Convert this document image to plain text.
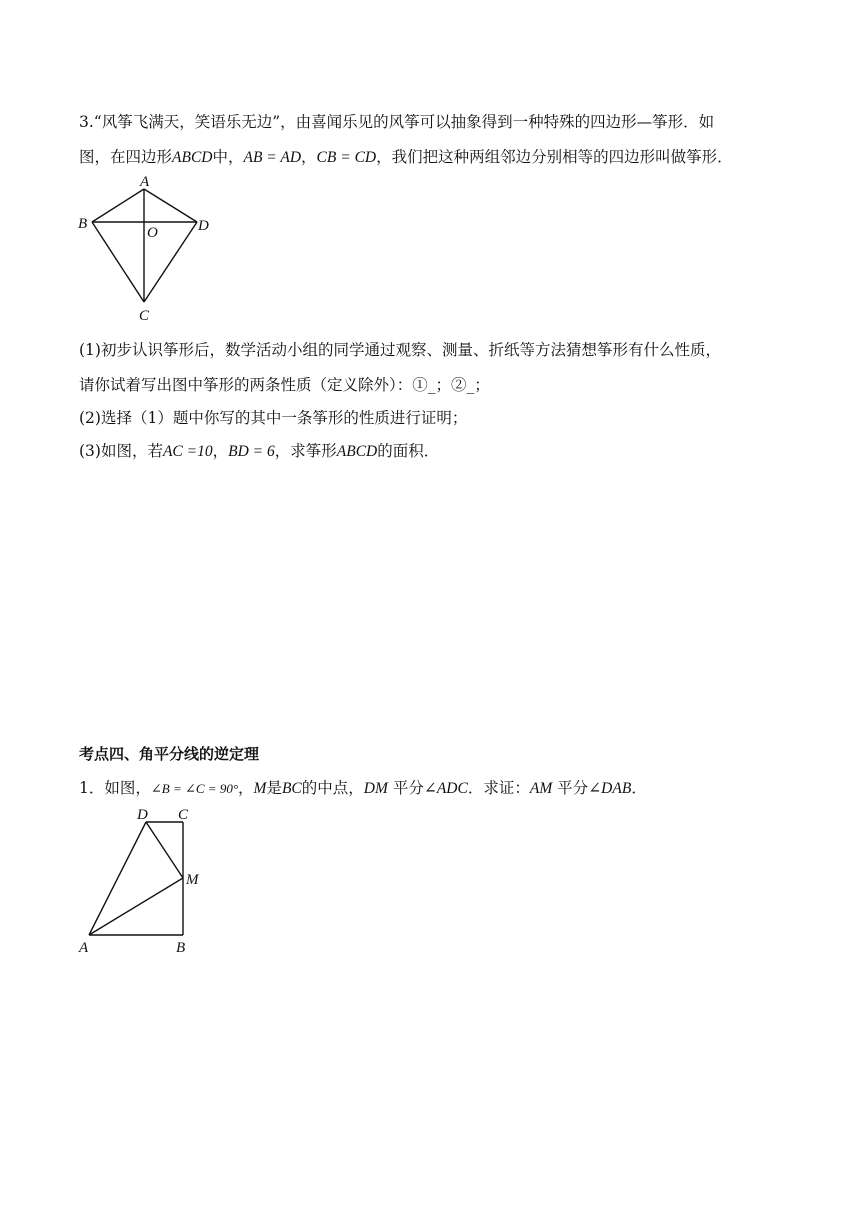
3.“风筝飞满天，笑语乐无边”，由喜闻乐见的风筝可以抽象得到一种特殊的四边形—筝形．如
图，在四边形ABCD中，AB = AD，CB = CD，我们把这种两组邻边分别相等的四边形叫做筝形．
A
B
O	D
C
(1)初步认识筝形后，数学活动小组的同学通过观察、测量、折纸等方法猜想筝形有什么性质，
请你试着写出图中筝形的两条性质（定义除外）：①_；②_；
(2)选择（1）题中你写的其中一条筝形的性质进行证明；
(3)如图，若AC =10，BD = 6，求筝形ABCD的面积．
考点四、角平分线的逆定理
1．如图，∠B = ∠C = 90°，M是BC的中点，DM 平分∠ADC．求证：AM 平分∠DAB．
D C
M
A	B
